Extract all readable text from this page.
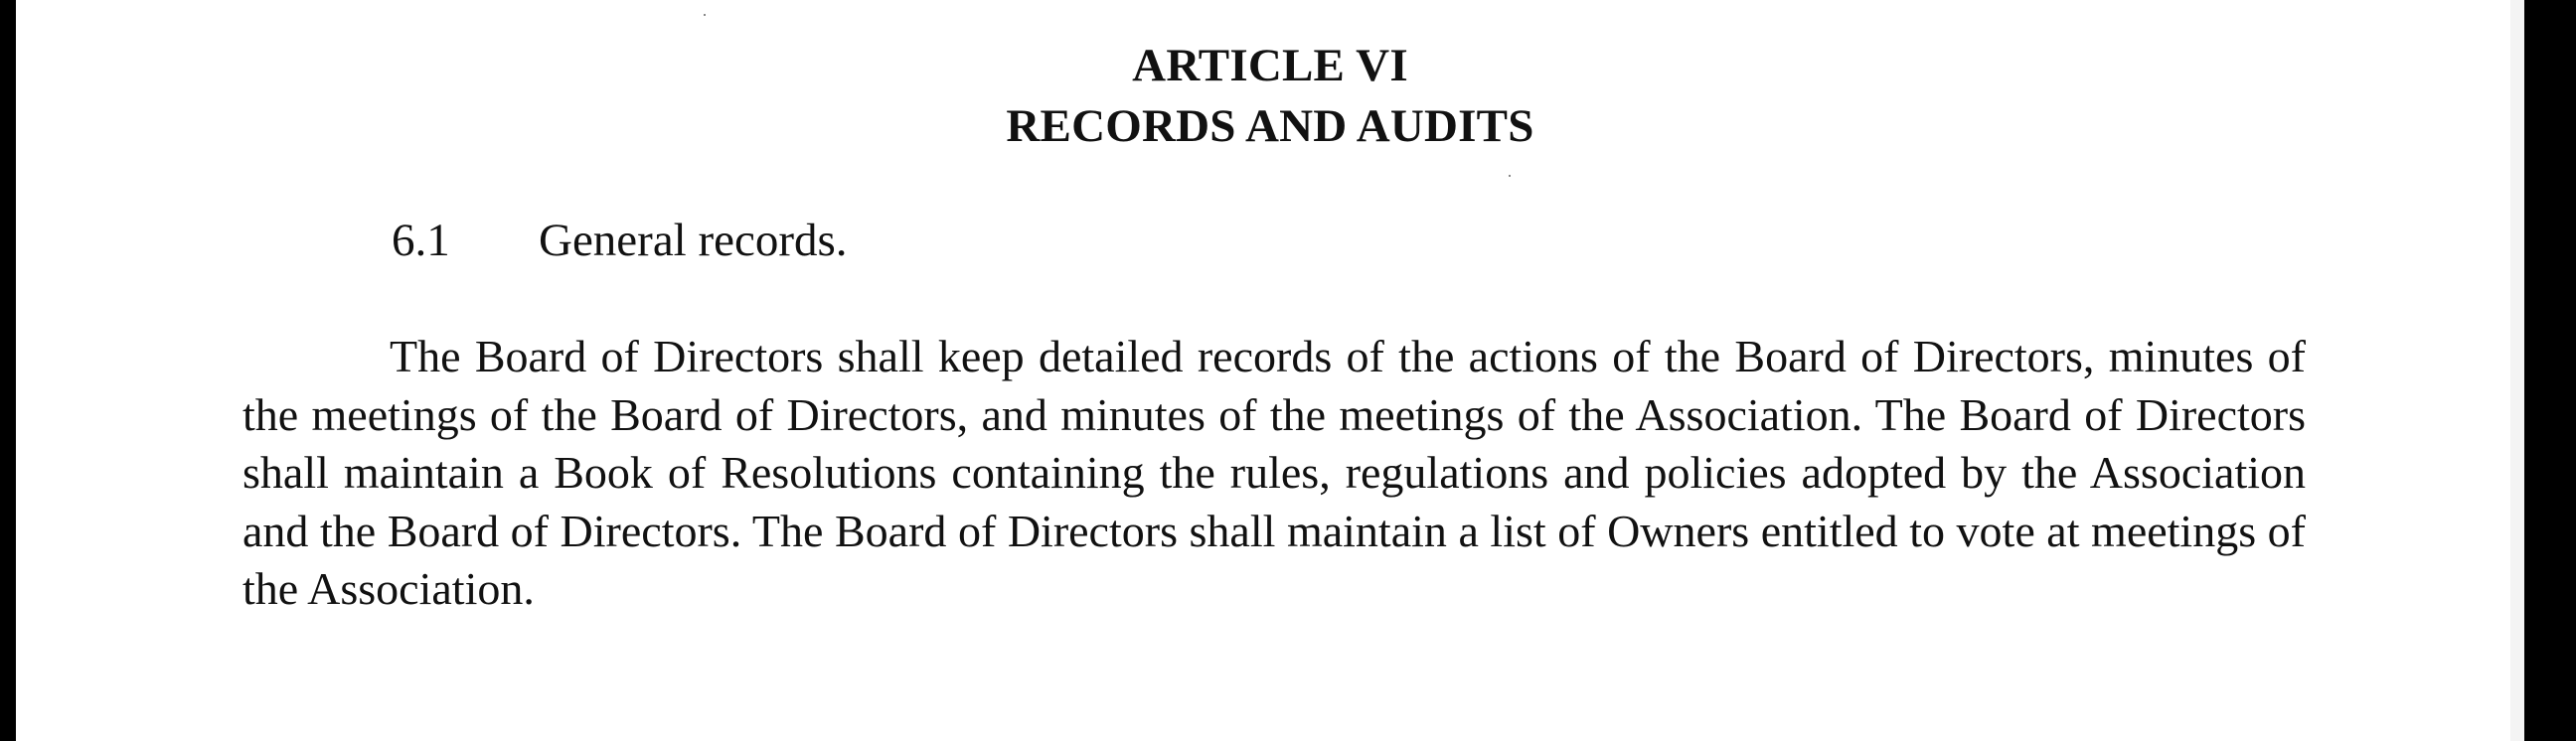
ARTICLE VI
RECORDS AND AUDITS
6.1 General records.

The Board of Directors shall keep detailed records of the actions of the Board of Directors, minutes of the meetings of the Board of Directors, and minutes of the meetings of the Association. The Board of Directors shall maintain a Book of Resolutions containing the rules, regulations and policies adopted by the Association and the Board of Directors. The Board of Directors shall maintain a list of Owners entitled to vote at meetings of the Association.
